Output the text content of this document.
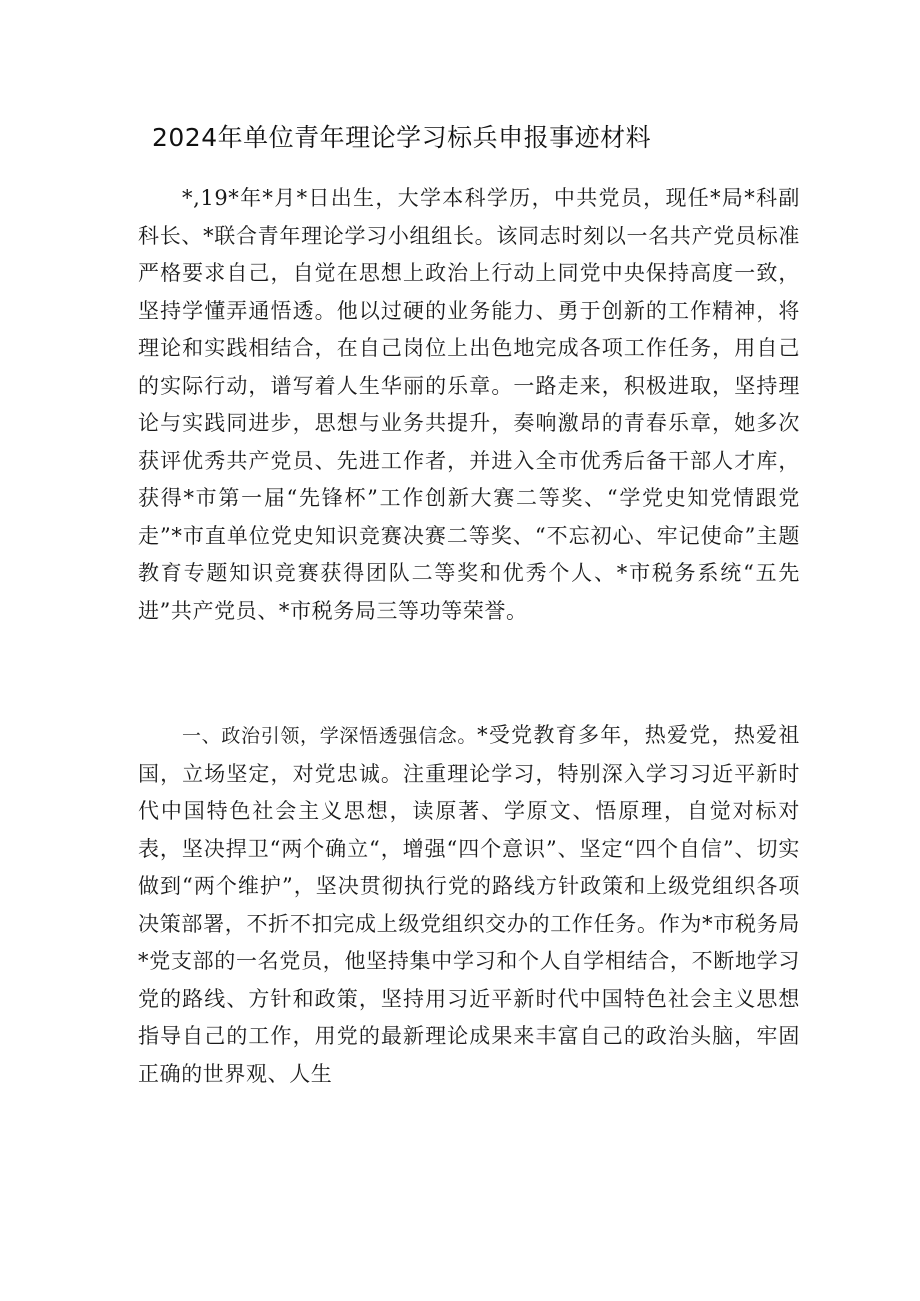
2024年单位青年理论学习标兵申报事迹材料

*,19*年*月*日出生，大学本科学历，中共党员，现任*局*科副科长、*联合青年理论学习小组组长。该同志时刻以一名共产党员标准严格要求自己，自觉在思想上政治上行动上同党中央保持高度一致，坚持学懂弄通悟透。他以过硬的业务能力、勇于创新的工作精神，将理论和实践相结合，在自己岗位上出色地完成各项工作任务，用自己的实际行动，谱写着人生华丽的乐章。一路走来，积极进取，坚持理论与实践同进步，思想与业务共提升，奏响激昂的青春乐章，她多次获评优秀共产党员、先进工作者，并进入全市优秀后备干部人才库，获得*市第一届“先锋杯”工作创新大赛二等奖、“学党史知党情跟党走”*市直单位党史知识竞赛决赛二等奖、“不忘初心、牢记使命”主题教育专题知识竞赛获得团队二等奖和优秀个人、*市税务系统“五先进”共产党员、*市税务局三等功等荣誉。

一、政治引领，学深悟透强信念。*受党教育多年，热爱党，热爱祖国，立场坚定，对党忠诚。注重理论学习，特别深入学习习近平新时代中国特色社会主义思想，读原著、学原文、悟原理，自觉对标对表，坚决捍卫“两个确立“，增强“四个意识”、坚定“四个自信”、切实做到“两个维护”，坚决贯彻执行党的路线方针政策和上级党组织各项决策部署，不折不扣完成上级党组织交办的工作任务。作为*市税务局*党支部的一名党员，他坚持集中学习和个人自学相结合，不断地学习党的路线、方针和政策，坚持用习近平新时代中国特色社会主义思想指导自己的工作，用党的最新理论成果来丰富自己的政治头脑，牢固正确的世界观、人生
